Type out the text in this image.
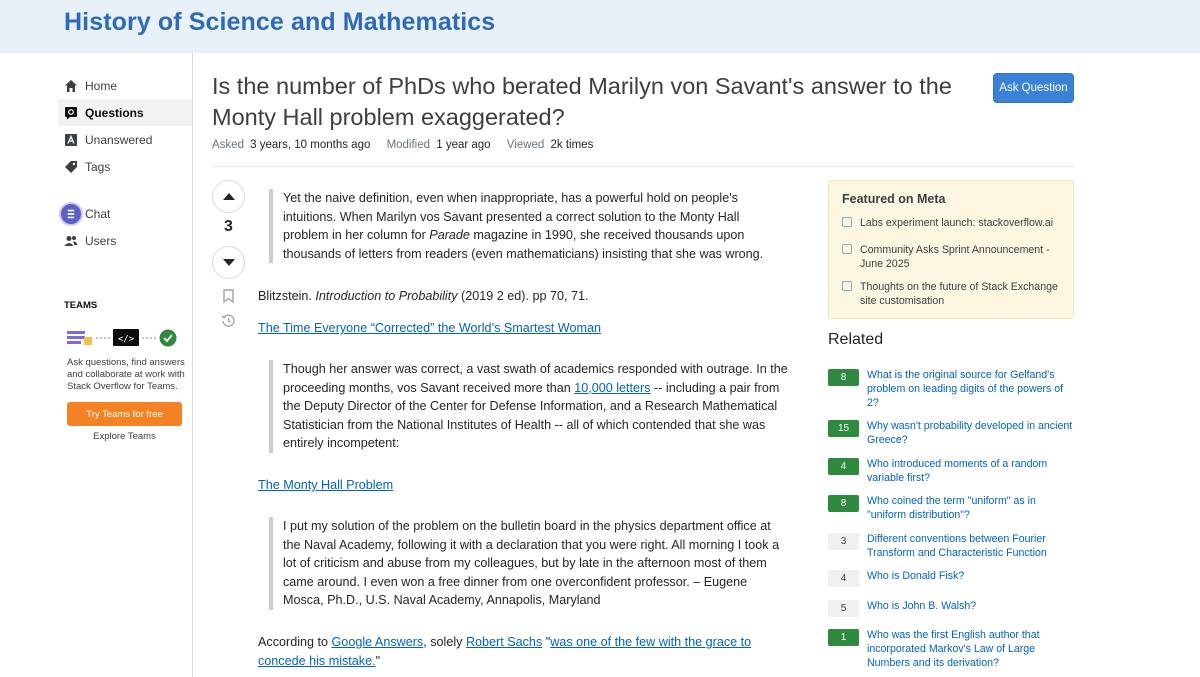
History of Science and Mathematics
Home
Questions
Unanswered
Tags
Chat
Users
TEAMS
</>
Ask questions, find answers and collaborate at work with Stack Overflow for Teams.
Try Teams for free
Explore Teams
Is the number of PhDs who berated Marilyn von Savant's answer to the Monty Hall problem exaggerated?
Ask Question
Asked 3 years, 10 months ago Modified 1 year ago Viewed 2k times
3
Yet the naive definition, even when inappropriate, has a powerful hold on people's intuitions. When Marilyn vos Savant presented a correct solution to the Monty Hall problem in her column for Parade magazine in 1990, she received thousands upon thousands of letters from readers (even mathematicians) insisting that she was wrong.
Blitzstein. Introduction to Probability (2019 2 ed). pp 70, 71.
The Time Everyone “Corrected” the World’s Smartest Woman
Though her answer was correct, a vast swath of academics responded with outrage. In the proceeding months, vos Savant received more than 10,000 letters -- including a pair from the Deputy Director of the Center for Defense Information, and a Research Mathematical Statistician from the National Institutes of Health -- all of which contended that she was entirely incompetent:
The Monty Hall Problem
I put my solution of the problem on the bulletin board in the physics department office at the Naval Academy, following it with a declaration that you were right. All morning I took a lot of criticism and abuse from my colleagues, but by late in the afternoon most of them came around. I even won a free dinner from one overconfident professor. – Eugene Mosca, Ph.D., U.S. Naval Academy, Annapolis, Maryland
According to Google Answers, solely Robert Sachs "was one of the few with the grace to concede his mistake."
Featured on Meta
Labs experiment launch: stackoverflow.ai
Community Asks Sprint Announcement - June 2025
Thoughts on the future of Stack Exchange site customisation
Related
8	What is the original source for Gelfand's problem on leading digits of the powers of 2?
15	Why wasn't probability developed in ancient Greece?
4	Who introduced moments of a random variable first?
8	Who coined the term "uniform" as in "uniform distribution"?
3	Different conventions between Fourier Transform and Characteristic Function
4	Who is Donald Fisk?
5	Who is John B. Walsh?
1	Who was the first English author that incorporated Markov's Law of Large Numbers and its derivation?
